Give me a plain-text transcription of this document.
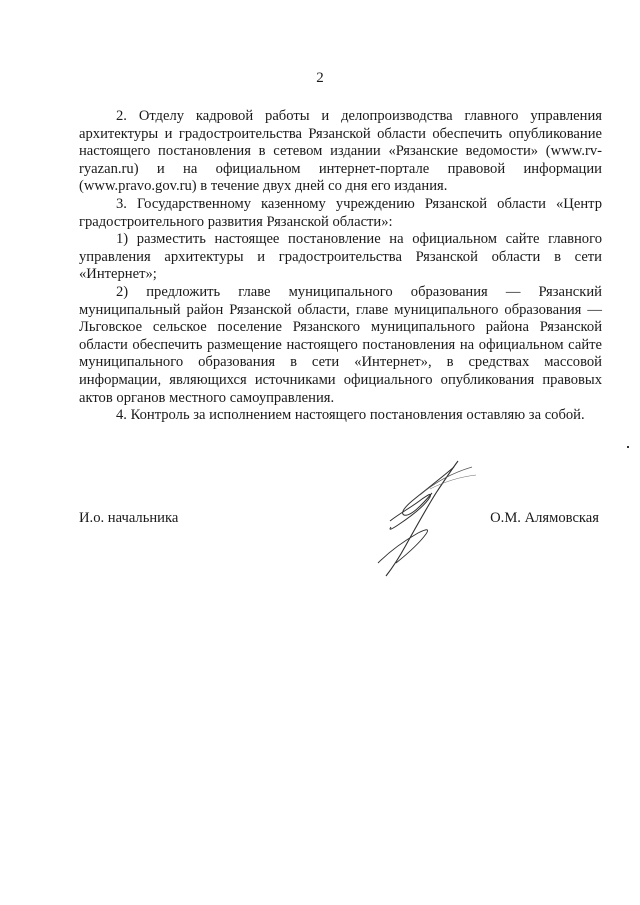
2

2. Отделу кадровой работы и делопроизводства главного управления архитектуры и градостроительства Рязанской области обеспечить опубликование настоящего постановления в сетевом издании «Рязанские ведомости» (www.rv-ryazan.ru) и на официальном интернет-портале правовой информации (www.pravo.gov.ru) в течение двух дней со дня его издания.

3. Государственному казенному учреждению Рязанской области «Центр градостроительного развития Рязанской области»:

1) разместить настоящее постановление на официальном сайте главного управления архитектуры и градостроительства Рязанской области в сети «Интернет»;

2) предложить главе муниципального образования — Рязанский муниципальный район Рязанской области, главе муниципального образования — Льговское сельское поселение Рязанского муниципального района Рязанской области обеспечить размещение настоящего постановления на официальном сайте муниципального образования в сети «Интернет», в средствах массовой информации, являющихся источниками официального опубликования правовых актов органов местного самоуправления.

4. Контроль за исполнением настоящего постановления оставляю за собой.

И.о. начальника	О.М. Алямовская
